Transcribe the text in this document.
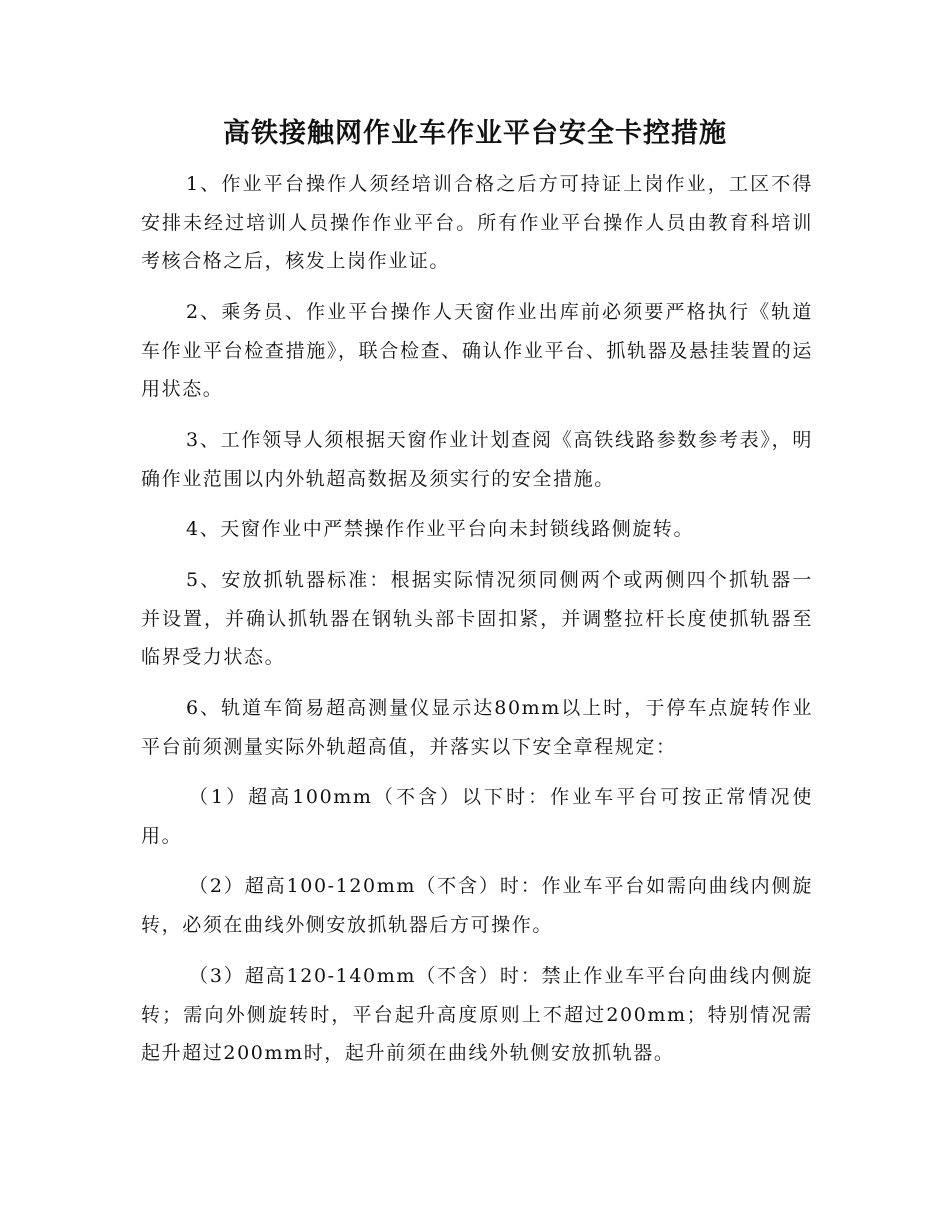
高铁接触网作业车作业平台安全卡控措施

1、作业平台操作人须经培训合格之后方可持证上岗作业，工区不得安排未经过培训人员操作作业平台。所有作业平台操作人员由教育科培训考核合格之后，核发上岗作业证。

2、乘务员、作业平台操作人天窗作业出库前必须要严格执行《轨道车作业平台检查措施》，联合检查、确认作业平台、抓轨器及悬挂装置的运用状态。

3、工作领导人须根据天窗作业计划查阅《高铁线路参数参考表》，明确作业范围以内外轨超高数据及须实行的安全措施。

4、天窗作业中严禁操作作业平台向未封锁线路侧旋转。

5、安放抓轨器标准：根据实际情况须同侧两个或两侧四个抓轨器一并设置，并确认抓轨器在钢轨头部卡固扣紧，并调整拉杆长度使抓轨器至临界受力状态。

6、轨道车简易超高测量仪显示达80mm以上时，于停车点旋转作业平台前须测量实际外轨超高值，并落实以下安全章程规定：

（1）超高100mm（不含）以下时：作业车平台可按正常情况使用。

（2）超高100-120mm（不含）时：作业车平台如需向曲线内侧旋转，必须在曲线外侧安放抓轨器后方可操作。

（3）超高120-140mm（不含）时：禁止作业车平台向曲线内侧旋转；需向外侧旋转时，平台起升高度原则上不超过200mm；特别情况需起升超过200mm时，起升前须在曲线外轨侧安放抓轨器。
